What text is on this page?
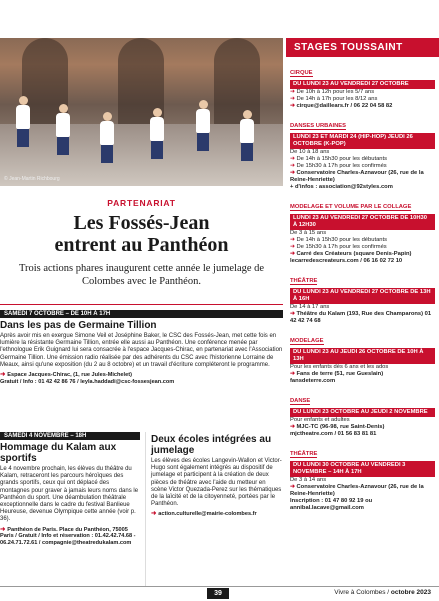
© Jean-Martin Richbourg
PARTENARIAT
Les Fossés-Jean
entrent au Panthéon
Trois actions phares inaugurent cette année le jumelage de Colombes avec le Panthéon.
SAMEDI 7 OCTOBRE – DE 10H À 17H
Dans les pas de Germaine Tillion
Après avoir mis en exergue Simone Veil et Joséphine Baker, le CSC des Fossés-Jean, met cette fois en lumière la résistante Germaine Tillion, entrée elle aussi au Panthéon. Une conférence menée par l'ethnologue Erik Guignard lui sera consacrée à l'espace Jacques-Chirac, en partenariat avec l'Association Germaine Tillion. Une émission radio réalisée par des adhérents du CSC avec l'historienne Lorraine de Meaux, ainsi qu'une exposition (du 2 au 8 octobre) et un travail d'écriture compléteront le programme.
➜ Espace Jacques-Chirac, (1, rue Jules-Michelet)
Gratuit / Info : 01 42 42 86 76 / leyla.haddadi@csc-fossesjean.com
SAMEDI 4 NOVEMBRE – 18H
Hommage du Kalam aux sportifs
Le 4 novembre prochain, les élèves du théâtre du Kalam, retraceront les parcours héroïques des grands sportifs, ceux qui ont déplacé des montagnes pour graver à jamais leurs noms dans le Panthéon du sport. Une déambulation théâtrale exceptionnelle dans le cadre du festival Banlieue Heureuse, devenue Olympique cette année (voir p. 36).
➜ Panthéon de Paris. Place du Panthéon, 75005 Paris / Gratuit / Info et réservation : 01.42.42.74.68 - 06.24.71.72.61 / compagnie@theatredukalam.com
Deux écoles intégrées au jumelage
Les élèves des écoles Langevin-Wallon et Victor-Hugo sont également intégrés au dispositif de jumelage et participent à la création de deux pièces de théâtre avec l'aide du metteur en scène Victor Quezada-Perez sur les thématiques de la laïcité et de la citoyenneté, portées par le Panthéon.
➜ action.culturelle@mairie-colombes.fr
STAGES TOUSSAINT
CIRQUE
DU LUNDI 23 AU VENDREDI 27 OCTOBRE
➜ De 10h à 12h pour les 5/7 ans
➜ De 14h à 17h pour les 8/12 ans
➜ cirque@daillears.fr / 06 22 04 58 82
DANSES URBAINES
LUNDI 23 ET MARDI 24 (HIP-HOP) JEUDI 26 OCTOBRE (K-POP)
De 10 à 18 ans
➜ De 14h à 15h30 pour les débutants
➜ De 15h30 à 17h pour les confirmés
➜ Conservatoire Charles-Aznavour (26, rue de la Reine-Henriette)
+ d'infos : association@92styles.com
MODELAGE ET VOLUME PAR LE COLLAGE
LUNDI 23 AU VENDREDI 27 OCTOBRE DE 10H30 À 12H30
De 3 à 15 ans
➜ De 14h à 15h30 pour les débutants
➜ De 15h30 à 17h pour les confirmés
➜ Carré des Créateurs (square Denis-Papin)
lecarredescreateurs.com / 06 16 02 72 10
THÉÂTRE
DU LUNDI 23 AU VENDREDI 27 OCTOBRE DE 13H À 16H
De 14 à 17 ans
➜ Théâtre du Kalam (193, Rue des Champarons) 01 42 42 74 68
MODELAGE
DU LUNDI 23 AU JEUDI 26 OCTOBRE DE 10H À 13H
Pour les enfants dès 6 ans et les ados
➜ Fans de terre (51, rue Gueslain)
fansdeterre.com
DANSE
DU LUNDI 23 OCTOBRE AU JEUDI 2 NOVEMBRE
Pour enfants et adultes
➜ MJC-TC (96-98, rue Saint-Denis)
mjctheatre.com / 01 56 83 81 81
THÉÂTRE
DU LUNDI 30 OCTOBRE AU VENDREDI 3 NOVEMBRE – 14H À 17H
De 3 à 14 ans
➜ Conservatoire Charles-Aznavour (26, rue de la Reine-Henriette)
Inscription : 01 47 80 92 19 ou annibal.lacave@gmail.com
39	Vivre à Colombes / octobre 2023
